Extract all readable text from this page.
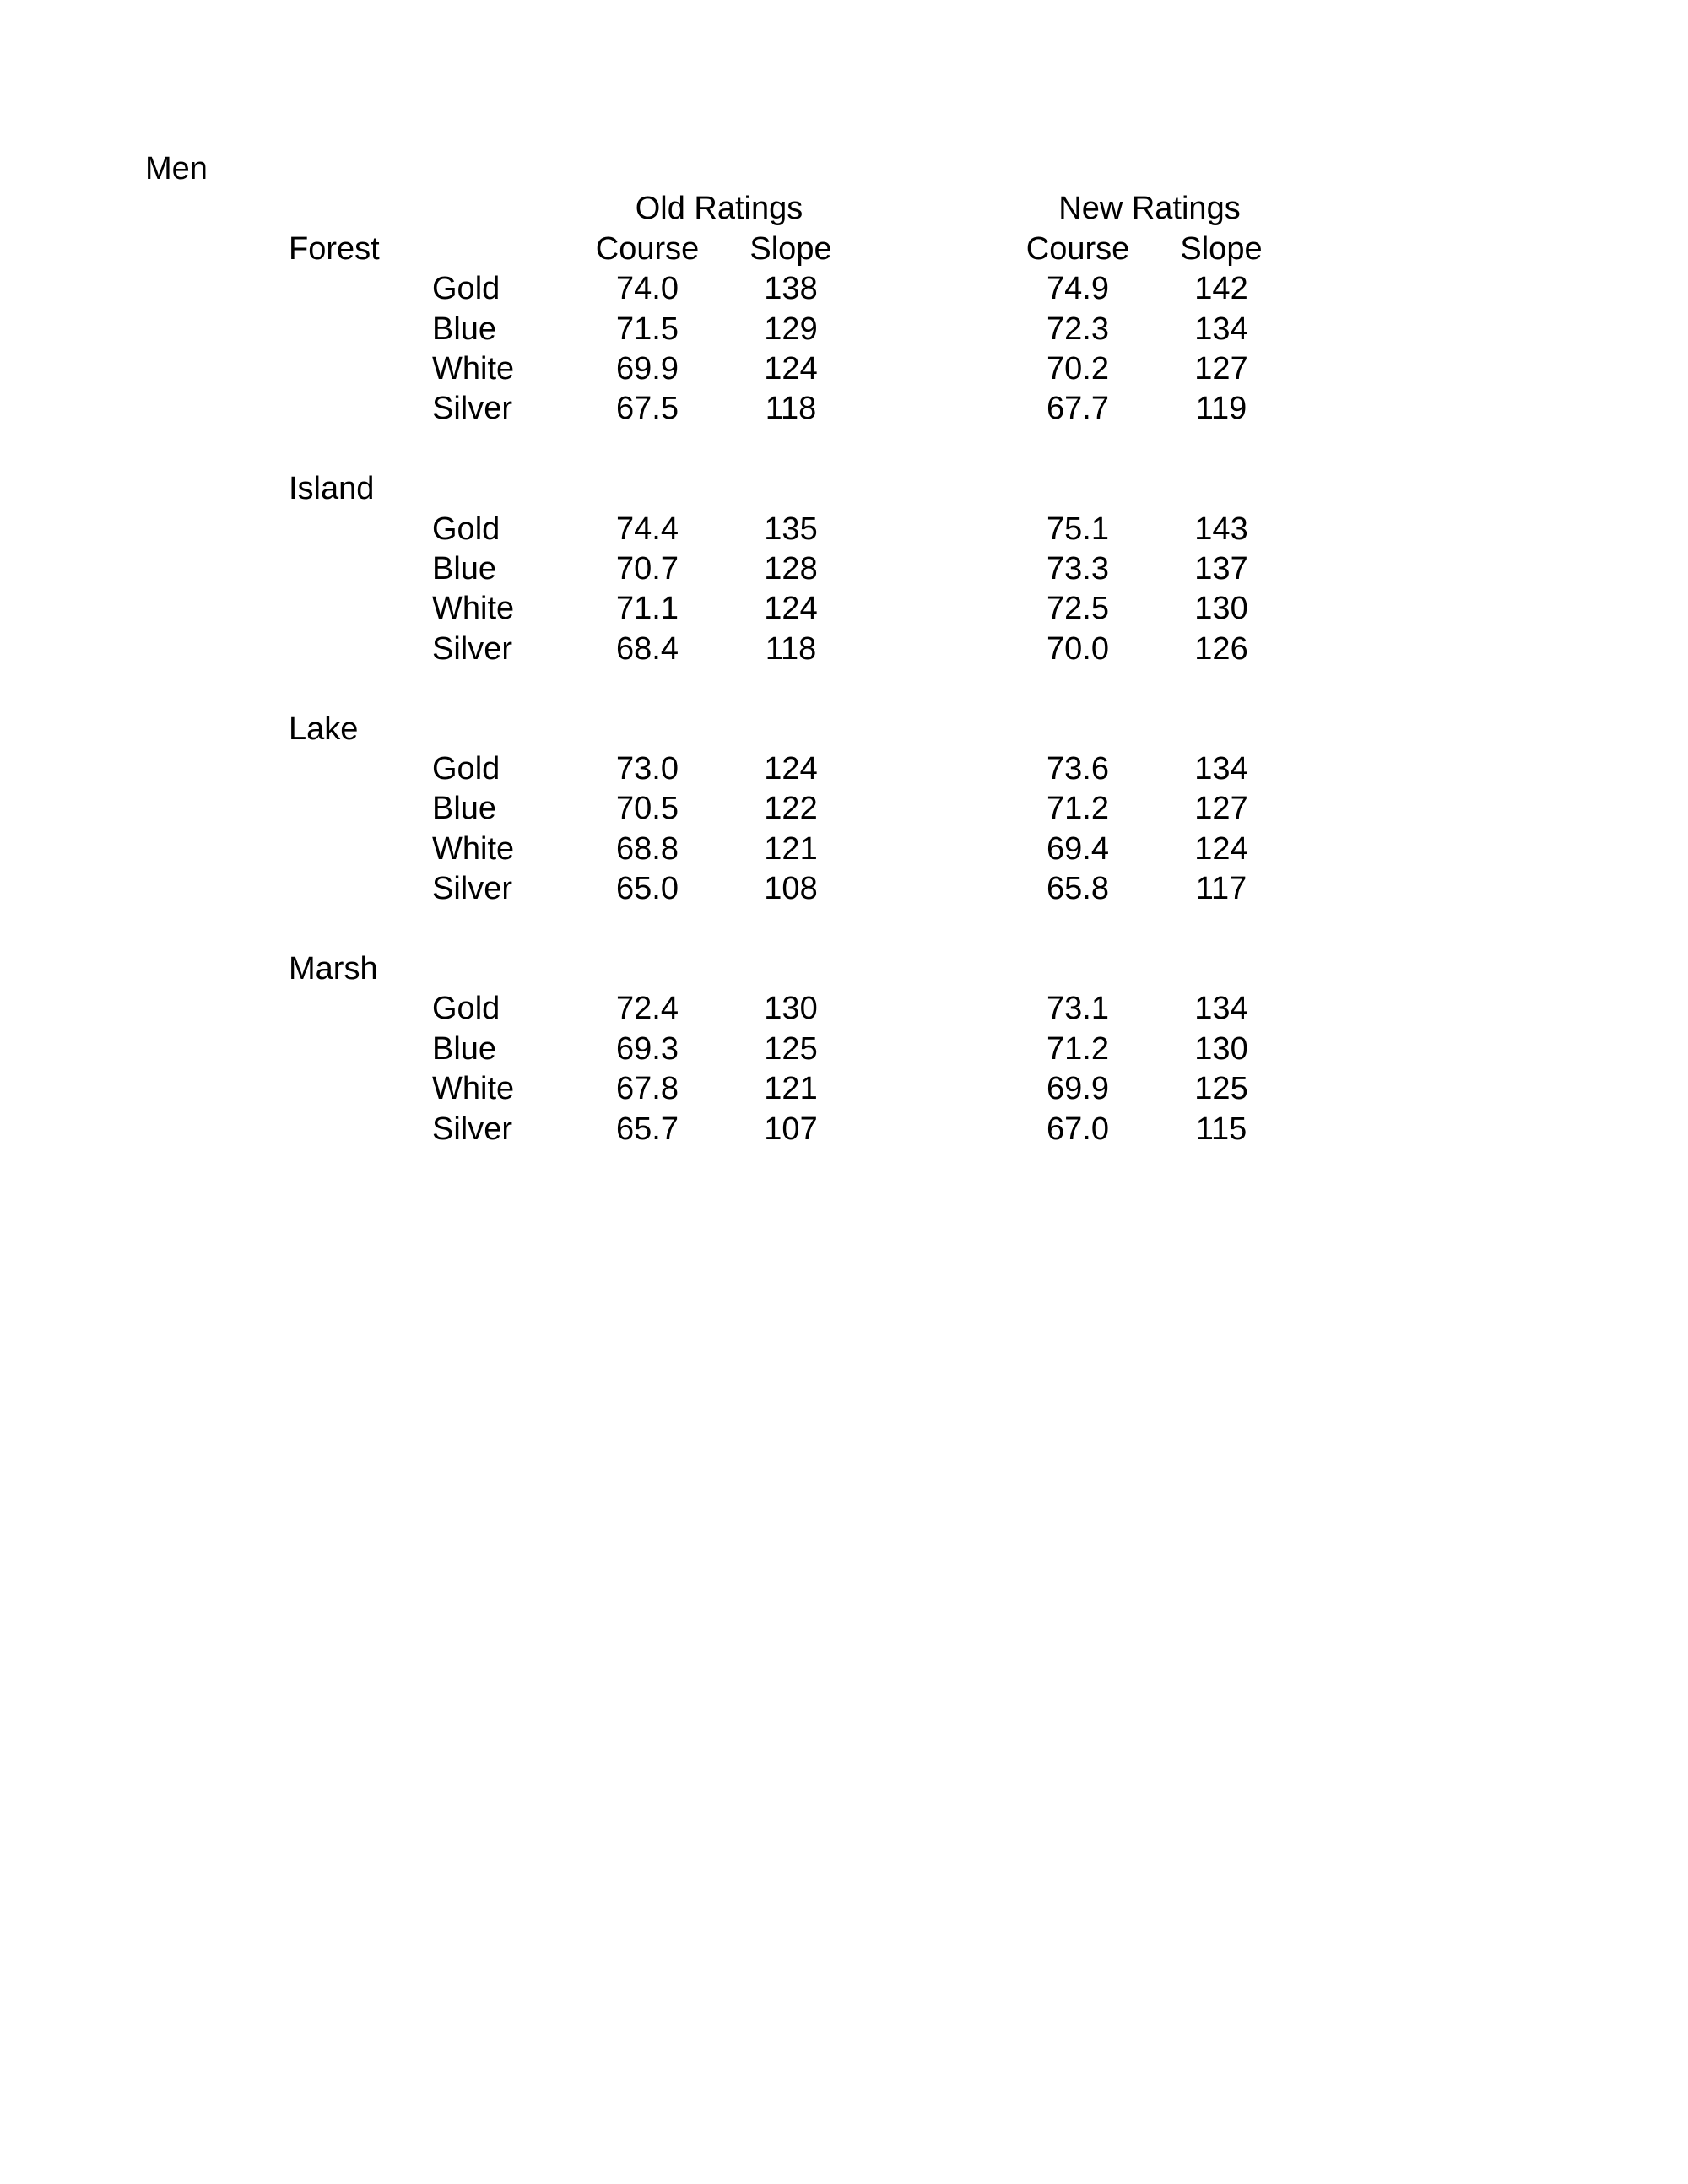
Men							
			Old Ratings			New Ratings	
	Forest		Course	Slope		Course	Slope
		Gold	74.0	138		74.9	142
		Blue	71.5	129		72.3	134
		White	69.9	124		70.2	127
		Silver	67.5	118		67.7	119

	Island						
		Gold	74.4	135		75.1	143
		Blue	70.7	128		73.3	137
		White	71.1	124		72.5	130
		Silver	68.4	118		70.0	126

	Lake						
		Gold	73.0	124		73.6	134
		Blue	70.5	122		71.2	127
		White	68.8	121		69.4	124
		Silver	65.0	108		65.8	117

	Marsh						
		Gold	72.4	130		73.1	134
		Blue	69.3	125		71.2	130
		White	67.8	121		69.9	125
		Silver	65.7	107		67.0	115
